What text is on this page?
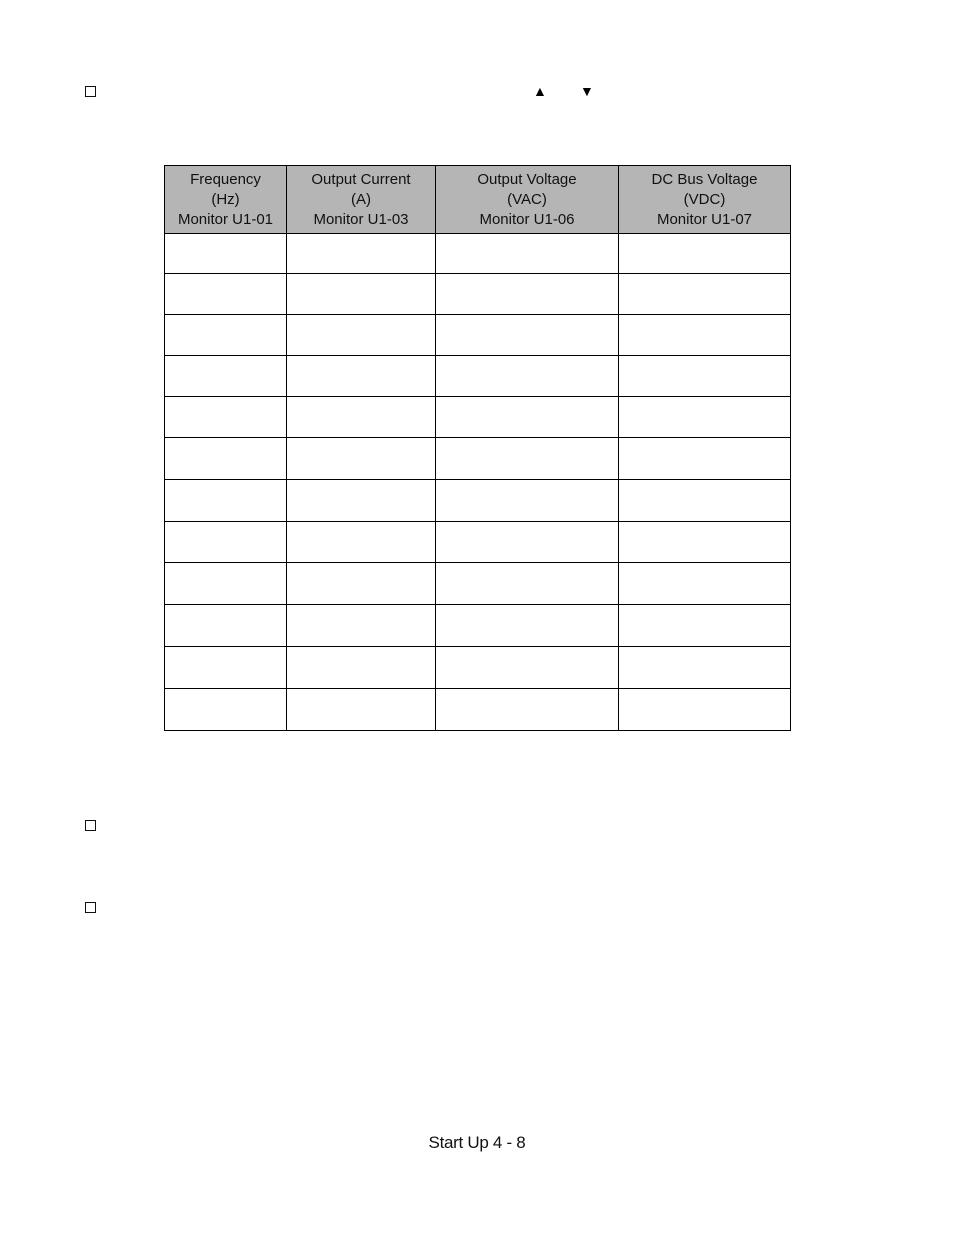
▲ ▼
Frequency
(Hz)
Monitor U1-01	Output Current
(A)
Monitor U1-03	Output Voltage
(VAC)
Monitor U1-06	DC Bus Voltage
(VDC)
Monitor U1-07

Start Up 4 - 8
